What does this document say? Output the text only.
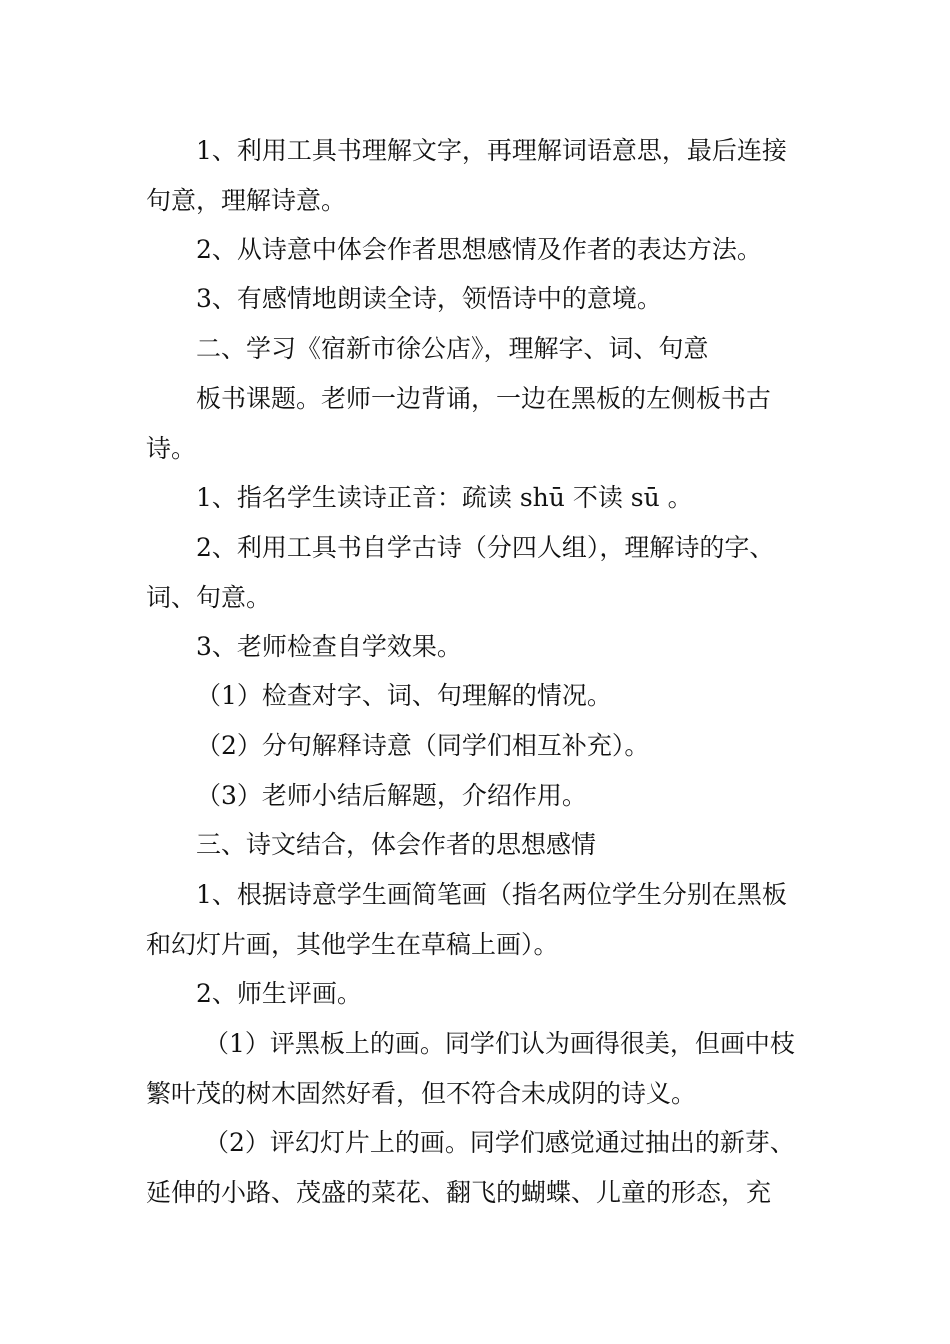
1、利用工具书理解文字，再理解词语意思，最后连接句意，理解诗意。

2、从诗意中体会作者思想感情及作者的表达方法。

3、有感情地朗读全诗，领悟诗中的意境。

二、学习《宿新市徐公店》，理解字、词、句意

板书课题。老师一边背诵，一边在黑板的左侧板书古诗。

1、指名学生读诗正音：疏读 shū 不读 sū 。

2、利用工具书自学古诗（分四人组），理解诗的字、词、句意。

3、老师检查自学效果。

（1）检查对字、词、句理解的情况。

（2）分句解释诗意（同学们相互补充）。

（3）老师小结后解题，介绍作用。

三、诗文结合，体会作者的思想感情

1、根据诗意学生画简笔画（指名两位学生分别在黑板和幻灯片画，其他学生在草稿上画）。

2、师生评画。

（1）评黑板上的画。同学们认为画得很美，但画中枝繁叶茂的树木固然好看，但不符合未成阴的诗义。

（2）评幻灯片上的画。同学们感觉通过抽出的新芽、延伸的小路、茂盛的菜花、翻飞的蝴蝶、儿童的形态，充
